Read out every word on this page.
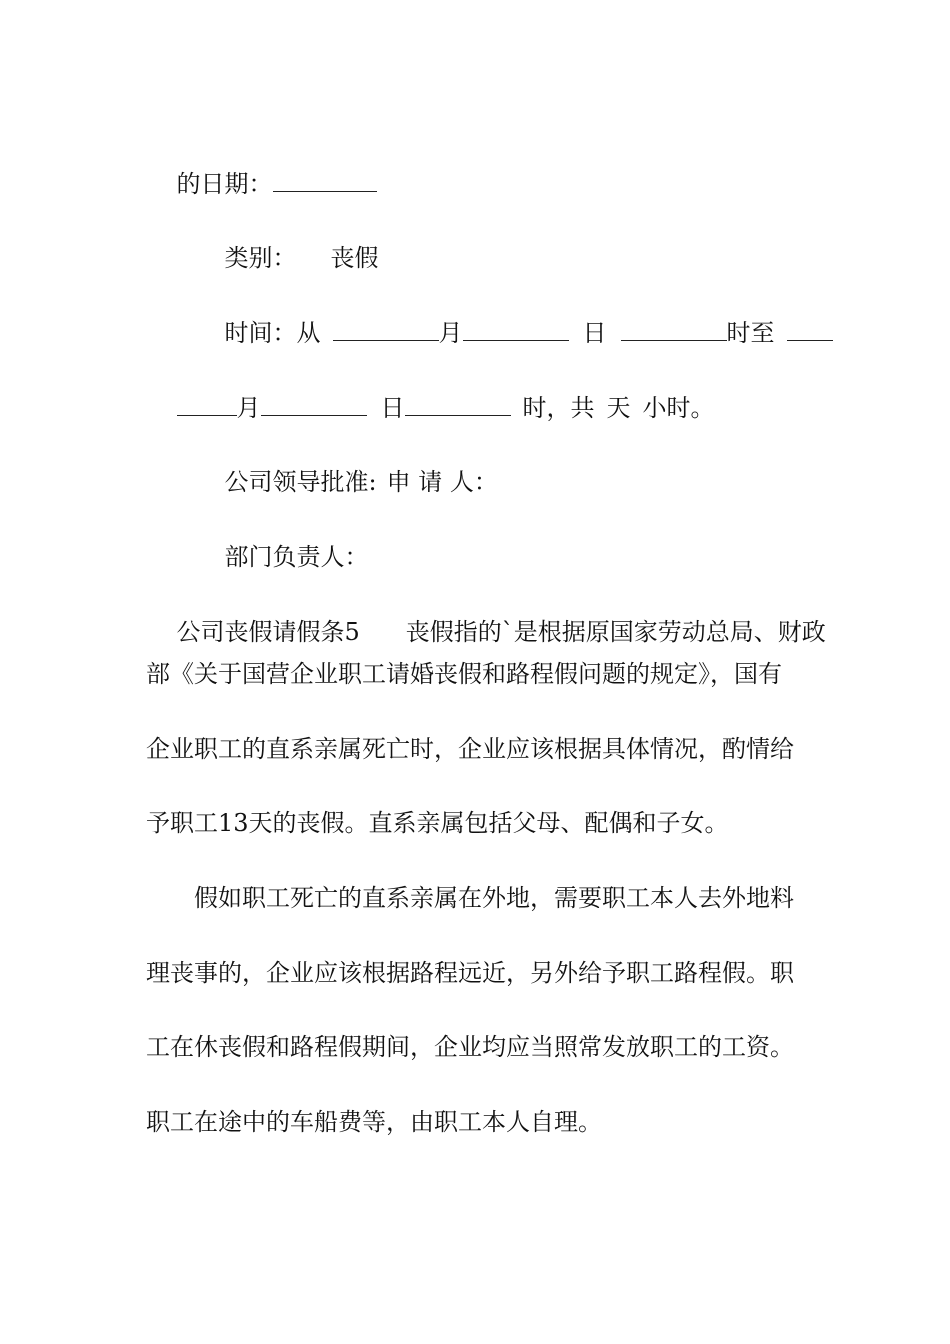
的日期：

类别： 丧假

时间：从	月	日	时至

月	日	时，共 天 小时。

公司领导批准: 申 请 人：

部门负责人：

公司丧假请假条5 丧假指的`是根据原国家劳动总局、财政

部《关于国营企业职工请婚丧假和路程假问题的规定》，国有
企业职工的直系亲属死亡时，企业应该根据具体情况，酌情给
予职工13天的丧假。直系亲属包括父母、配偶和子女。
假如职工死亡的直系亲属在外地，需要职工本人去外地料
理丧事的，企业应该根据路程远近，另外给予职工路程假。职
工在休丧假和路程假期间，企业均应当照常发放职工的工资。
职工在途中的车船费等，由职工本人自理。
